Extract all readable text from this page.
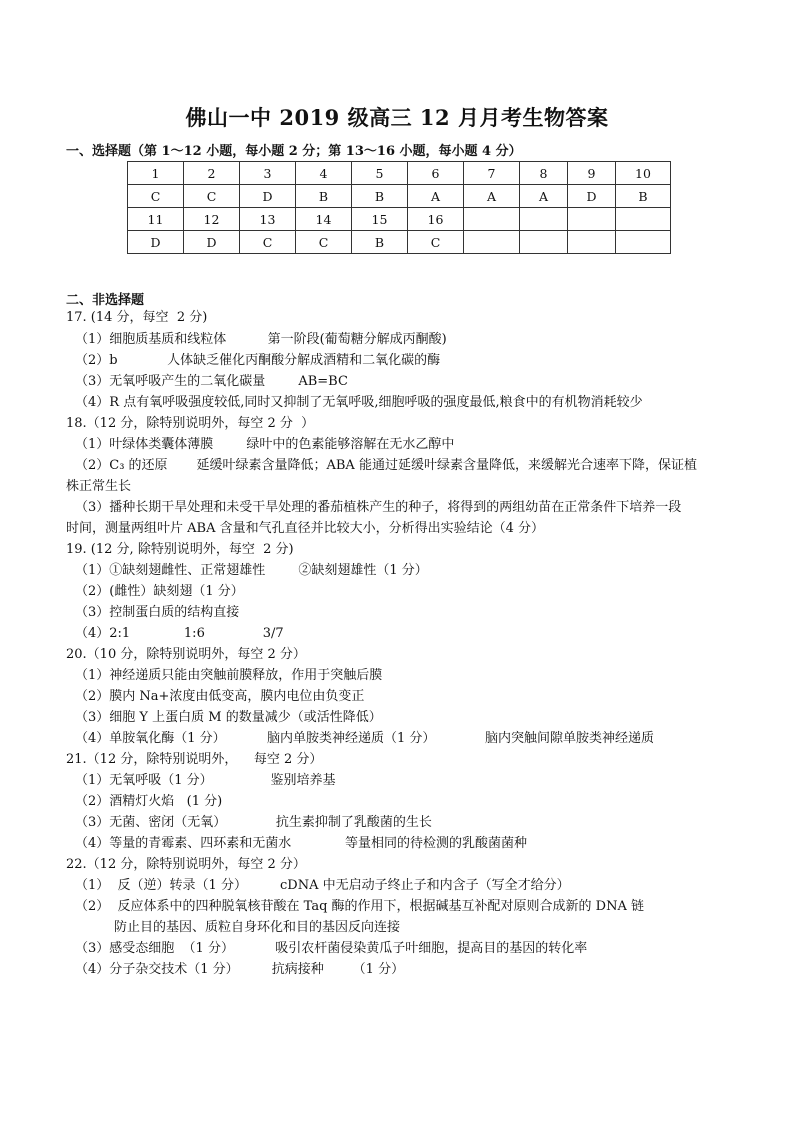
佛山一中 2019 级高三 12 月月考生物答案
一、选择题（第 1～12 小题，每小题 2 分；第 13～16 小题，每小题 4 分）
1	2	3	4	5	6	7	8	9	10
C	C	D	B	B	A	A	A	D	B
11	12	13	14	15	16				
D	D	C	C	B	C				
二、非选择题
17. (14 分，每空  2 分)
（1）细胞质基质和线粒体          第一阶段(葡萄糖分解成丙酮酸)
（2）b            人体缺乏催化丙酮酸分解成酒精和二氧化碳的酶
（3）无氧呼吸产生的二氧化碳量        AB=BC
（4）R 点有氧呼吸强度较低,同时又抑制了无氧呼吸,细胞呼吸的强度最低,粮食中的有机物消耗较少
18.（12 分，除特别说明外，每空 2 分  ）
（1）叶绿体类囊体薄膜        绿叶中的色素能够溶解在无水乙醇中
（2）C₃ 的还原       延缓叶绿素含量降低；ABA 能通过延缓叶绿素含量降低，来缓解光合速率下降，保证植
株正常生长
（3）播种长期干旱处理和未受干旱处理的番茄植株产生的种子，将得到的两组幼苗在正常条件下培养一段
时间，测量两组叶片 ABA 含量和气孔直径并比较大小，分析得出实验结论（4 分）
19. (12 分, 除特别说明外，每空  2 分)
（1）①缺刻翅雌性、正常翅雄性        ②缺刻翅雄性（1 分）
（2）(雌性）缺刻翅（1 分）
（3）控制蛋白质的结构直接
（4）2:1             1:6              3/7
20.（10 分，除特别说明外，每空 2 分）
（1）神经递质只能由突触前膜释放，作用于突触后膜
（2）膜内 Na+浓度由低变高，膜内电位由负变正
（3）细胞 Y 上蛋白质 M 的数量减少（或活性降低）
（4）单胺氧化酶（1 分）          脑内单胺类神经递质（1 分）            脑内突触间隙单胺类神经递质
21.（12 分，除特别说明外，    每空 2 分）
（1）无氧呼吸（1 分）              鉴别培养基
（2）酒精灯火焰   (1 分)
（3）无菌、密闭（无氧）            抗生素抑制了乳酸菌的生长
（4）等量的青霉素、四环素和无菌水             等量相同的待检测的乳酸菌菌种
22.（12 分，除特别说明外，每空 2 分）
（1）  反（逆）转录（1 分）        cDNA 中无启动子终止子和内含子（写全才给分）
（2）  反应体系中的四种脱氧核苷酸在 Taq 酶的作用下，根据碱基互补配对原则合成新的 DNA 链
防止目的基因、质粒自身环化和目的基因反向连接
（3）感受态细胞  （1 分）          吸引农杆菌侵染黄瓜子叶细胞，提高目的基因的转化率
（4）分子杂交技术（1 分）        抗病接种       （1 分）
